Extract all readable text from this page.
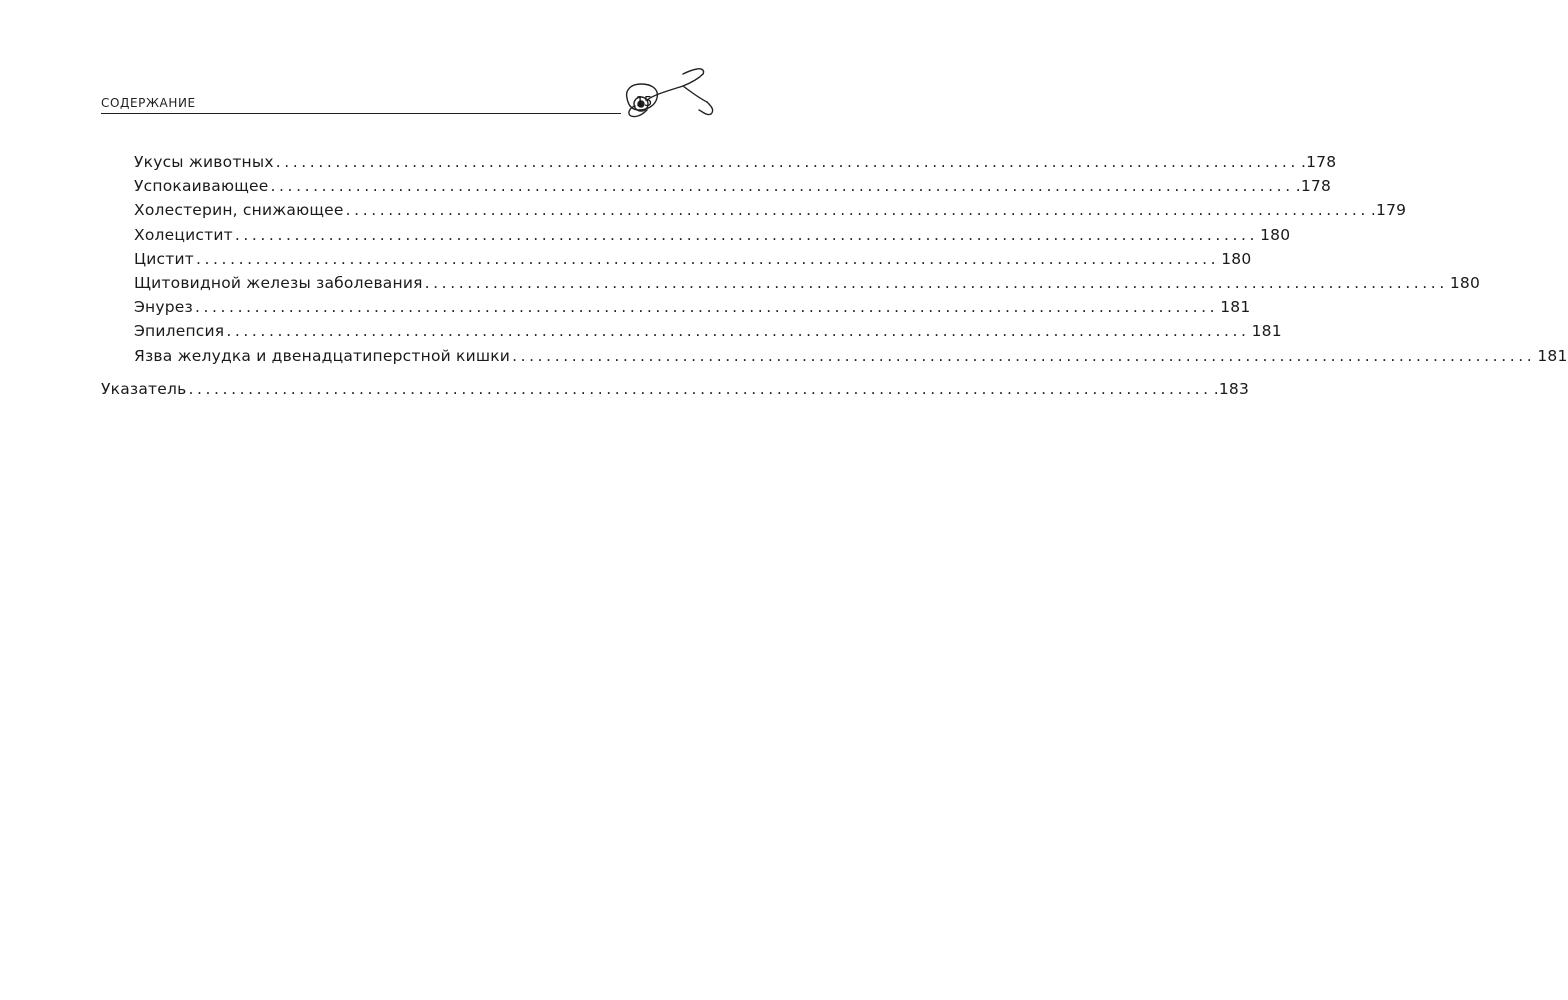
СОДЕРЖАНИЕ	15
Укусы животных ........................................................................................................................ .178
Успокаивающее ........................................................................................................................ .178
Холестерин, снижающее ........................................................................................................................ .179
Холецистит ........................................................................................................................ 180
Цистит ........................................................................................................................ 180
Щитовидной железы заболевания ........................................................................................................................ 180
Энурез ........................................................................................................................ 181
Эпилепсия ........................................................................................................................ 181
Язва желудка и двенадцатиперстной кишки ........................................................................................................................ 181
Указатель ........................................................................................................................ .183
